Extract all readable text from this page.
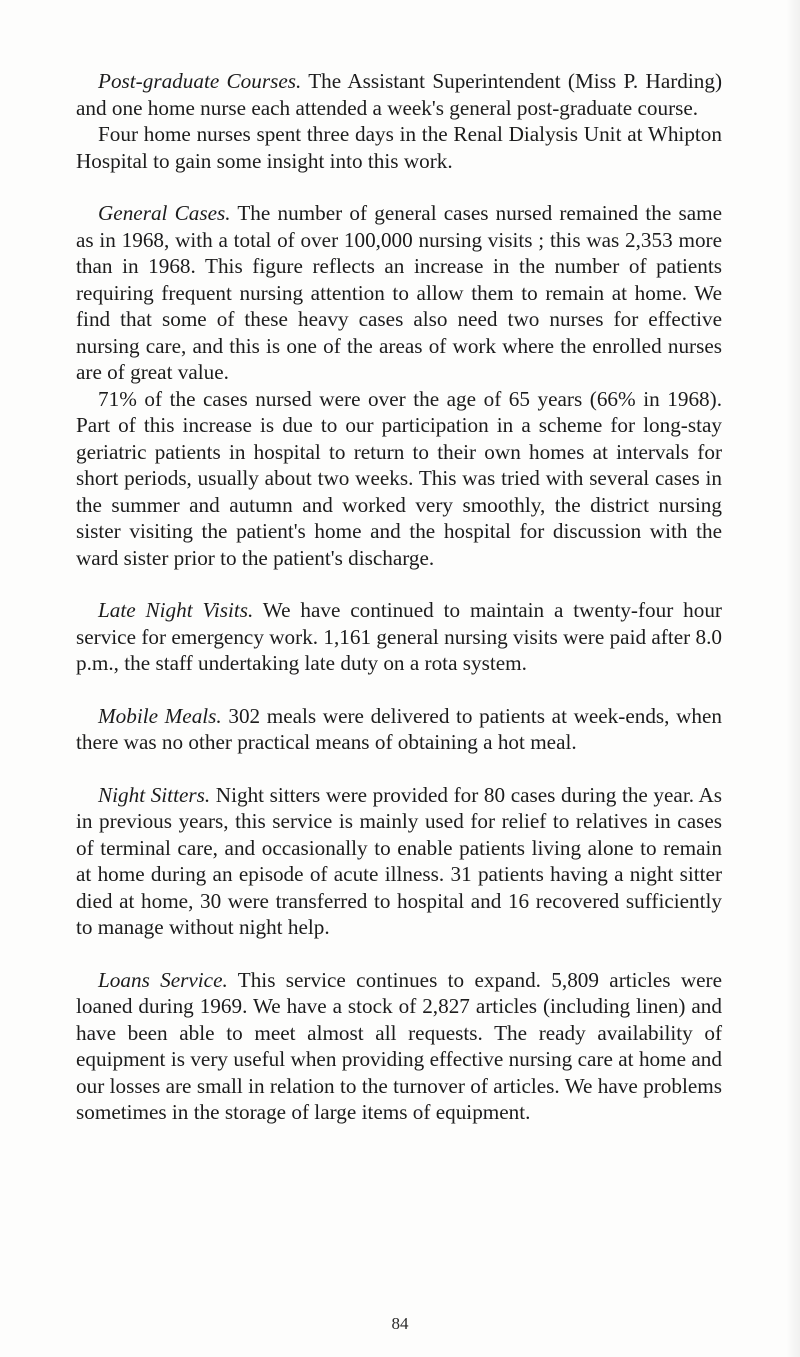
Post-graduate Courses. The Assistant Superintendent (Miss P. Harding) and one home nurse each attended a week's general post-graduate course.

Four home nurses spent three days in the Renal Dialysis Unit at Whipton Hospital to gain some insight into this work.

General Cases. The number of general cases nursed remained the same as in 1968, with a total of over 100,000 nursing visits ; this was 2,353 more than in 1968. This figure reflects an increase in the number of patients requiring frequent nursing attention to allow them to remain at home. We find that some of these heavy cases also need two nurses for effective nursing care, and this is one of the areas of work where the enrolled nurses are of great value.

71% of the cases nursed were over the age of 65 years (66% in 1968). Part of this increase is due to our participation in a scheme for long-stay geriatric patients in hospital to return to their own homes at intervals for short periods, usually about two weeks. This was tried with several cases in the summer and autumn and worked very smoothly, the district nursing sister visiting the patient's home and the hospital for discussion with the ward sister prior to the patient's discharge.

Late Night Visits. We have continued to maintain a twenty-four hour service for emergency work. 1,161 general nursing visits were paid after 8.0 p.m., the staff undertaking late duty on a rota system.

Mobile Meals. 302 meals were delivered to patients at week-ends, when there was no other practical means of obtaining a hot meal.

Night Sitters. Night sitters were provided for 80 cases during the year. As in previous years, this service is mainly used for relief to relatives in cases of terminal care, and occasionally to enable patients living alone to remain at home during an episode of acute illness. 31 patients having a night sitter died at home, 30 were transferred to hospital and 16 recovered sufficiently to manage without night help.

Loans Service. This service continues to expand. 5,809 articles were loaned during 1969. We have a stock of 2,827 articles (including linen) and have been able to meet almost all requests. The ready availability of equipment is very useful when providing effective nursing care at home and our losses are small in relation to the turnover of articles. We have problems sometimes in the storage of large items of equipment.

84
